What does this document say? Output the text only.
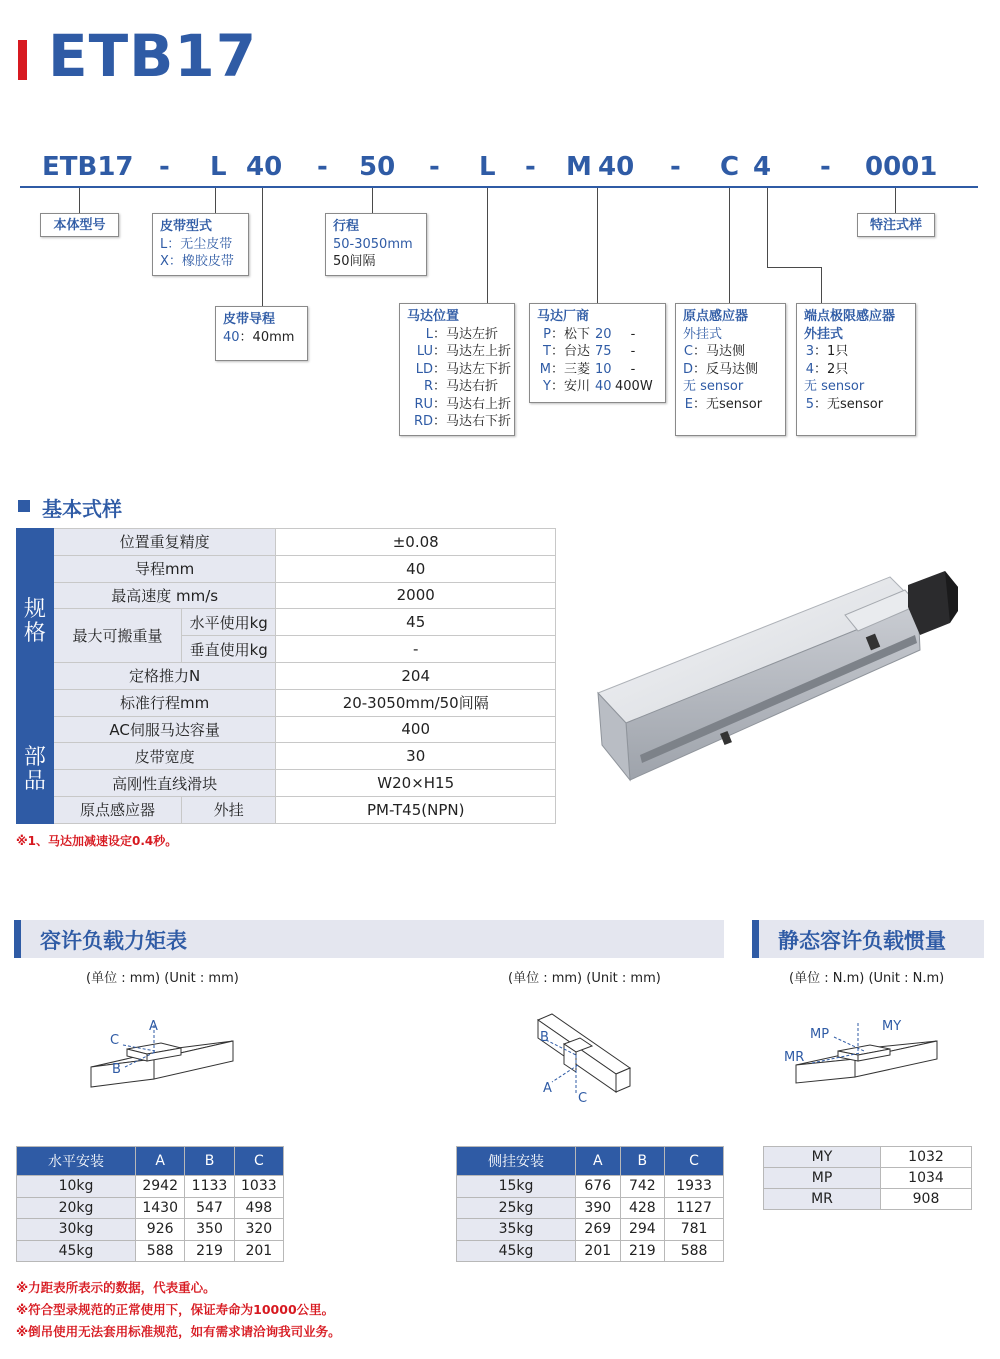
ETB17
ETB17 - L 40 - 50 - L - M 40 - C 4 - 0001
本体型号	皮带型式
L：无尘皮带
X：橡胶皮带
皮带导程
40：40mm
行程
50-3050mm
50间隔
马达位置
L：马达左折
LU：马达左上折
LD：马达左下折
R：马达右折
RU：马达右上折
RD：马达右下折
马达厂商
P：松下 20 -
T：台达 75 -
M：三菱 10 -
Y：安川 40 400W
原点感应器
外挂式
C：马达侧
D：反马达侧
无 sensor
E：无sensor
端点极限感应器
外挂式
3：1只
4：2只
无 sensor
5：无sensor
特注式样
基本式样
规格	位置重复精度		±0.08
	导程mm		40
	最高速度 mm/s		2000
	最大可搬重量	水平使用kg	45
		垂直使用kg	-
	定格推力N		204
	标准行程mm		20-3050mm/50间隔
部品	AC伺服马达容量		400
	皮带宽度		30
	高刚性直线滑块		W20×H15
	原点感应器	外挂	PM-T45(NPN)
※1、马达加减速设定0.4秒。
容许负载力矩表	静态容许负载惯量
(单位 : mm) (Unit : mm)	(单位 : mm) (Unit : mm)	(单位 : N.m) (Unit : N.m)
A
C
B
B
A
C
MP
MY
MR
水平安装	A	B	C
10kg	2942	1133	1033
20kg	1430	547	498
30kg	926	350	320
45kg	588	219	201
侧挂安装	A	B	C
15kg	676	742	1933
25kg	390	428	1127
35kg	269	294	781
45kg	201	219	588
MY	1032
MP	1034
MR	908
※力距表所表示的数据，代表重心。
※符合型录规范的正常使用下，保证寿命为10000公里。
※倒吊使用无法套用标准规范，如有需求请洽询我司业务。
